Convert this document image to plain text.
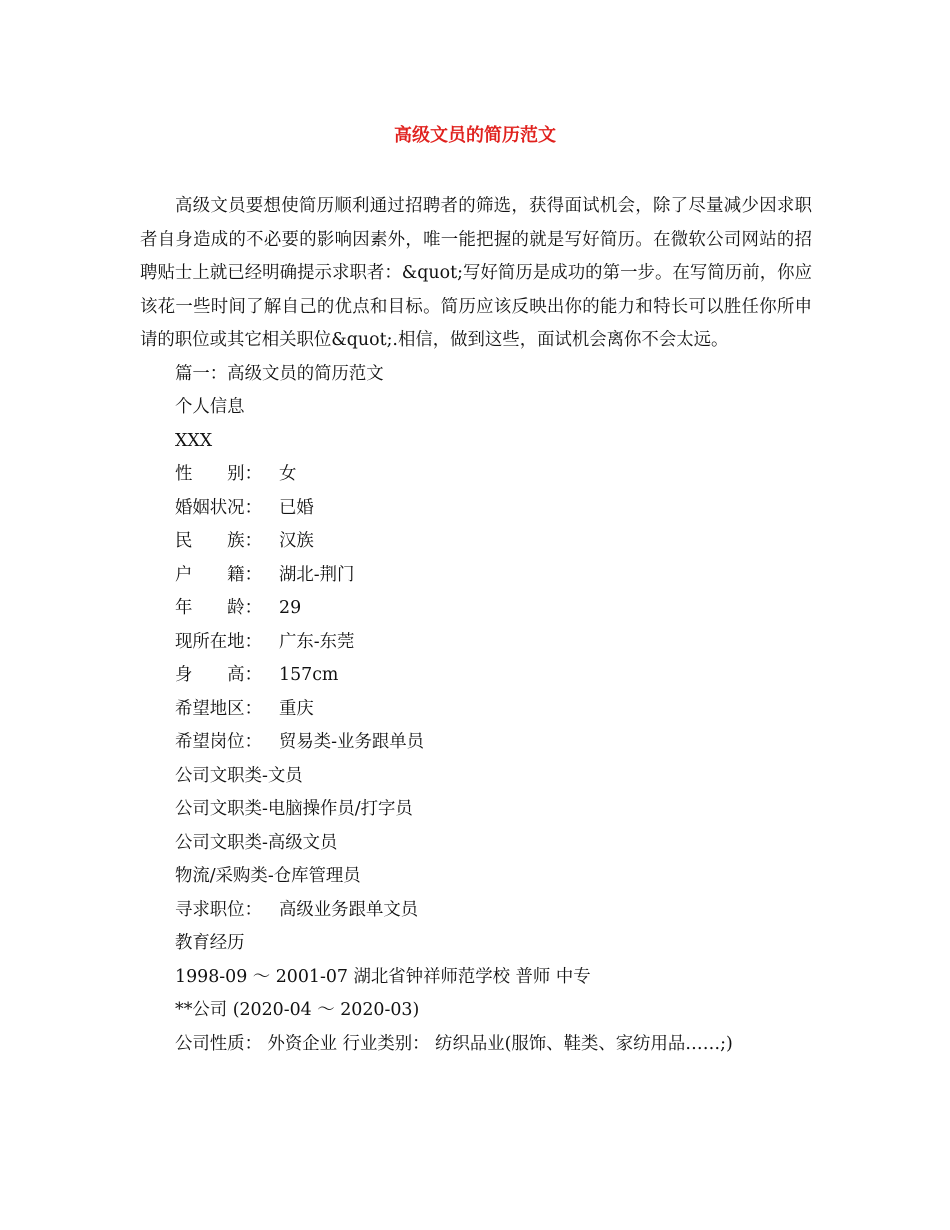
高级文员的简历范文

高级文员要想使简历顺利通过招聘者的筛选，获得面试机会，除了尽量减少因求职者自身造成的不必要的影响因素外，唯一能把握的就是写好简历。在微软公司网站的招聘贴士上就已经明确提示求职者：&quot;写好简历是成功的第一步。在写简历前，你应该花一些时间了解自己的优点和目标。简历应该反映出你的能力和特长可以胜任你所申请的职位或其它相关职位&quot;.相信，做到这些，面试机会离你不会太远。

篇一：高级文员的简历范文

个人信息

XXX

性　　别： 女

婚姻状况： 已婚

民　　族： 汉族

户　　籍： 湖北-荆门

年　　龄： 29

现所在地： 广东-东莞

身　　高： 157cm

希望地区： 重庆

希望岗位： 贸易类-业务跟单员

公司文职类-文员

公司文职类-电脑操作员/打字员

公司文职类-高级文员

物流/采购类-仓库管理员

寻求职位： 高级业务跟单文员

教育经历

1998-09 ～ 2001-07 湖北省钟祥师范学校 普师 中专

**公司 (2020-04 ～ 2020-03)

公司性质： 外资企业 行业类别： 纺织品业(服饰、鞋类、家纺用品……;)
